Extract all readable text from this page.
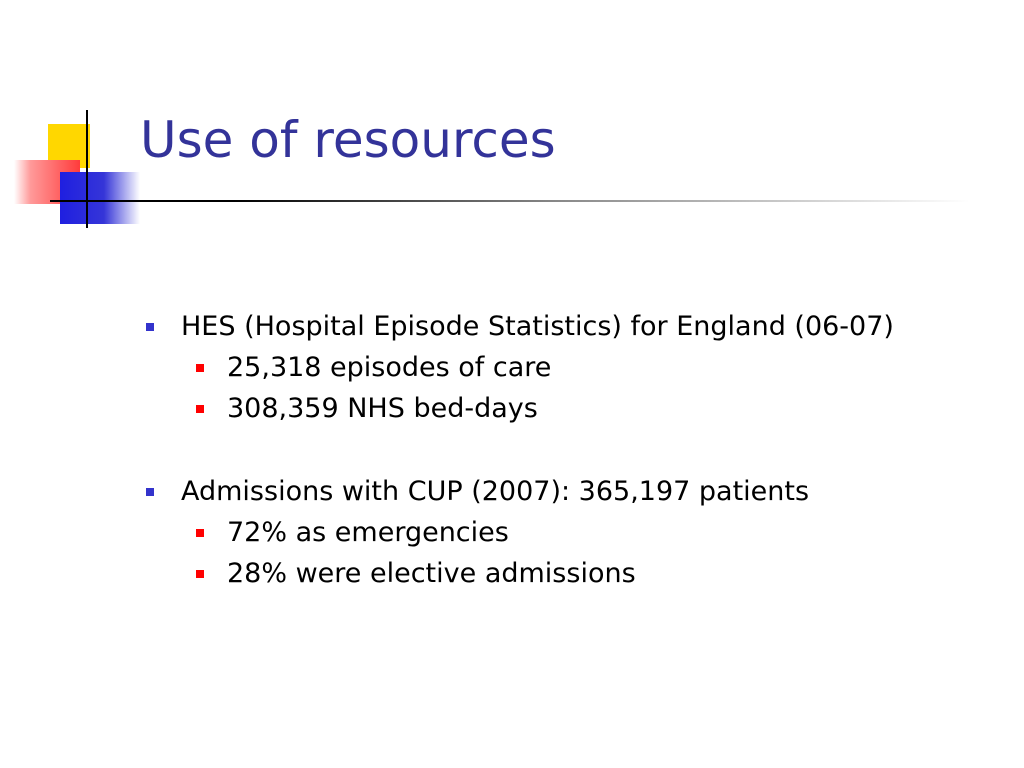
Use of resources
HES (Hospital Episode Statistics) for England (06-07)
25,318 episodes of care
308,359 NHS bed-days
Admissions with CUP (2007): 365,197 patients
72% as emergencies
28% were elective admissions
